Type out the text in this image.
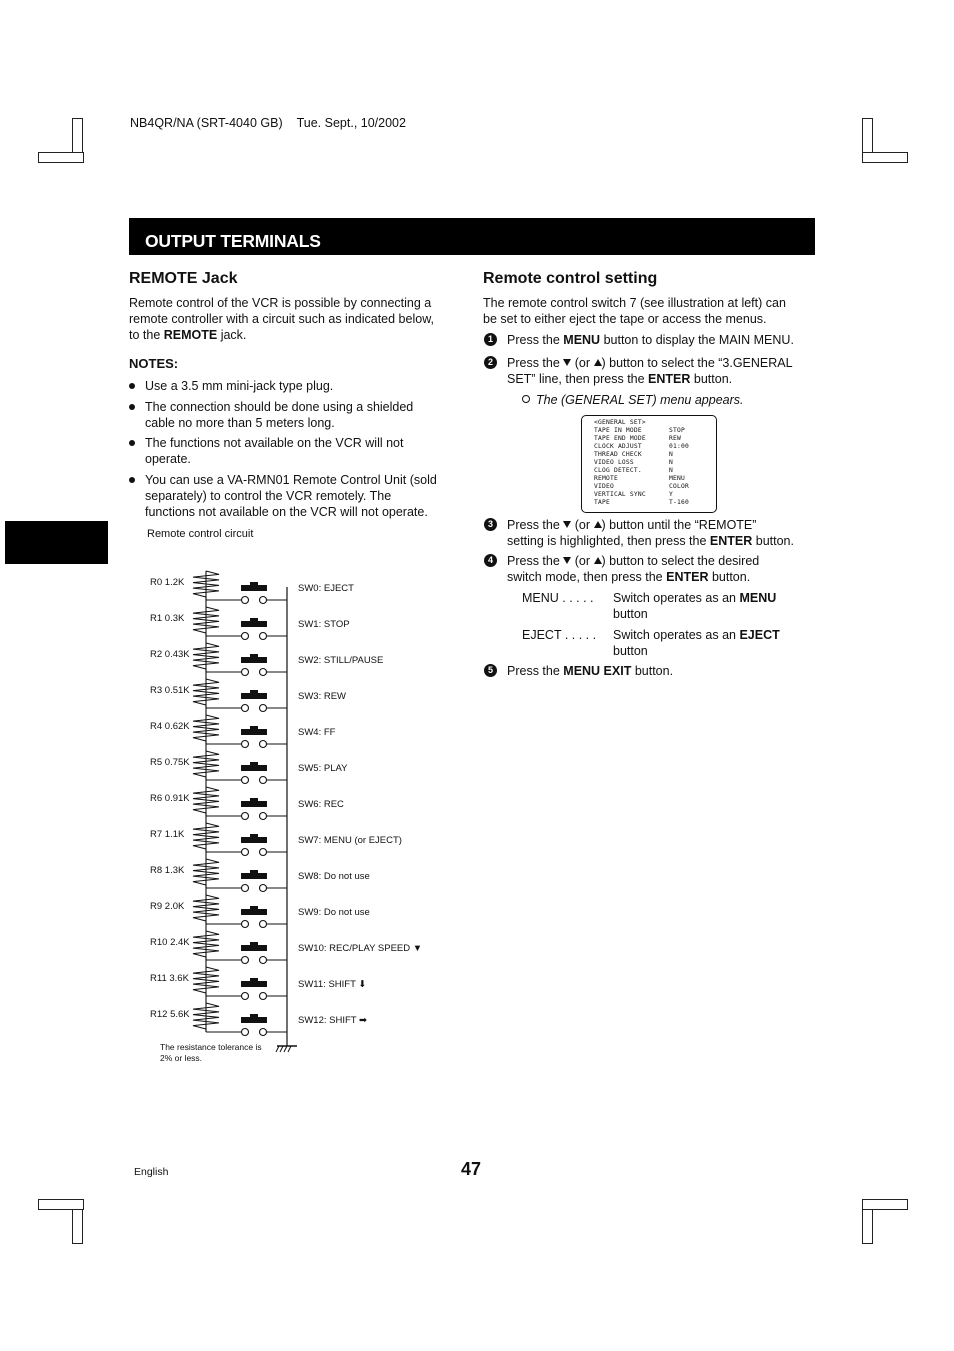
NB4QR/NA (SRT-4040 GB) Tue. Sept., 10/2002
OUTPUT TERMINALS
REMOTE Jack
Remote control of the VCR is possible by connecting a
remote controller with a circuit such as indicated below,
to the REMOTE jack.
NOTES:
Use a 3.5 mm mini-jack type plug.
The connection should be done using a shielded
cable no more than 5 meters long.
The functions not available on the VCR will not
operate.
You can use a VA-RMN01 Remote Control Unit (sold
separately) to control the VCR remotely. The
functions not available on the VCR will not operate.
Remote control circuit
R0 1.2K
SW0: EJECT
R1 0.3K
SW1: STOP
R2 0.43K
SW2: STILL/PAUSE
R3 0.51K
SW3: REW
R4 0.62K
SW4: FF
R5 0.75K
SW5: PLAY
R6 0.91K
SW6: REC
R7 1.1K
SW7: MENU (or EJECT)
R8 1.3K
SW8: Do not use
R9 2.0K
SW9: Do not use
R10 2.4K
SW10: REC/PLAY SPEED ▼
R11 3.6K
SW11: SHIFT ⬇
R12 5.6K
SW12: SHIFT ➡
The resistance tolerance is
2% or less.
Remote control setting
The remote control switch 7 (see illustration at left) can
be set to either eject the tape or access the menus.
1	Press the MENU button to display the MAIN MENU.
2	Press the  (or ) button to select the “3.GENERAL
SET” line, then press the ENTER button.
The (GENERAL SET) menu appears.
<GENERAL SET>
TAPE IN MODE	STOP
TAPE END MODE	REW
CLOCK ADJUST	01:00
THREAD CHECK	N
VIDEO LOSS	N
CLOG DETECT.	N
REMOTE	MENU
VIDEO	COLOR
VERTICAL SYNC	Y
TAPE	T-160
3	Press the  (or ) button until the “REMOTE”
setting is highlighted, then press the ENTER button.
4	Press the  (or ) button to select the desired
switch mode, then press the ENTER button.
MENU . . . . . Switch operates as an MENU
button
EJECT . . . . . Switch operates as an EJECT
button
5	Press the MENU EXIT button.
English	47
